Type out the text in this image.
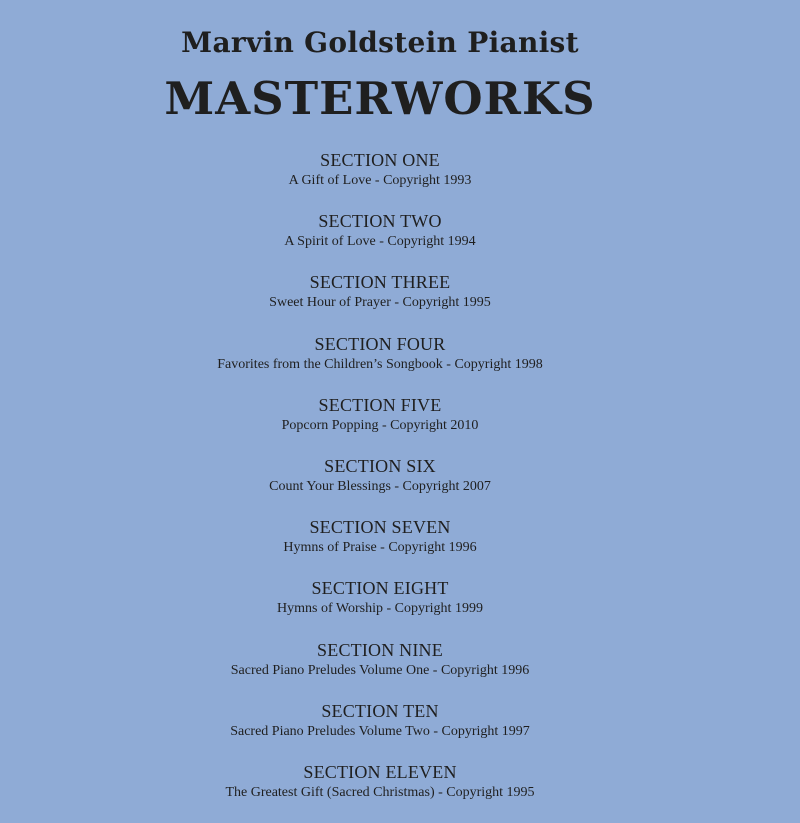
Marvin Goldstein Pianist
MASTERWORKS
SECTION ONE
A Gift of Love - Copyright 1993
SECTION TWO
A Spirit of Love - Copyright 1994
SECTION THREE
Sweet Hour of Prayer - Copyright 1995
SECTION FOUR
Favorites from the Children’s Songbook - Copyright 1998
SECTION FIVE
Popcorn Popping - Copyright 2010
SECTION SIX
Count Your Blessings - Copyright 2007
SECTION SEVEN
Hymns of Praise - Copyright 1996
SECTION EIGHT
Hymns of Worship - Copyright 1999
SECTION NINE
Sacred Piano Preludes Volume One - Copyright 1996
SECTION TEN
Sacred Piano Preludes Volume Two - Copyright 1997
SECTION ELEVEN
The Greatest Gift (Sacred Christmas) - Copyright 1995
